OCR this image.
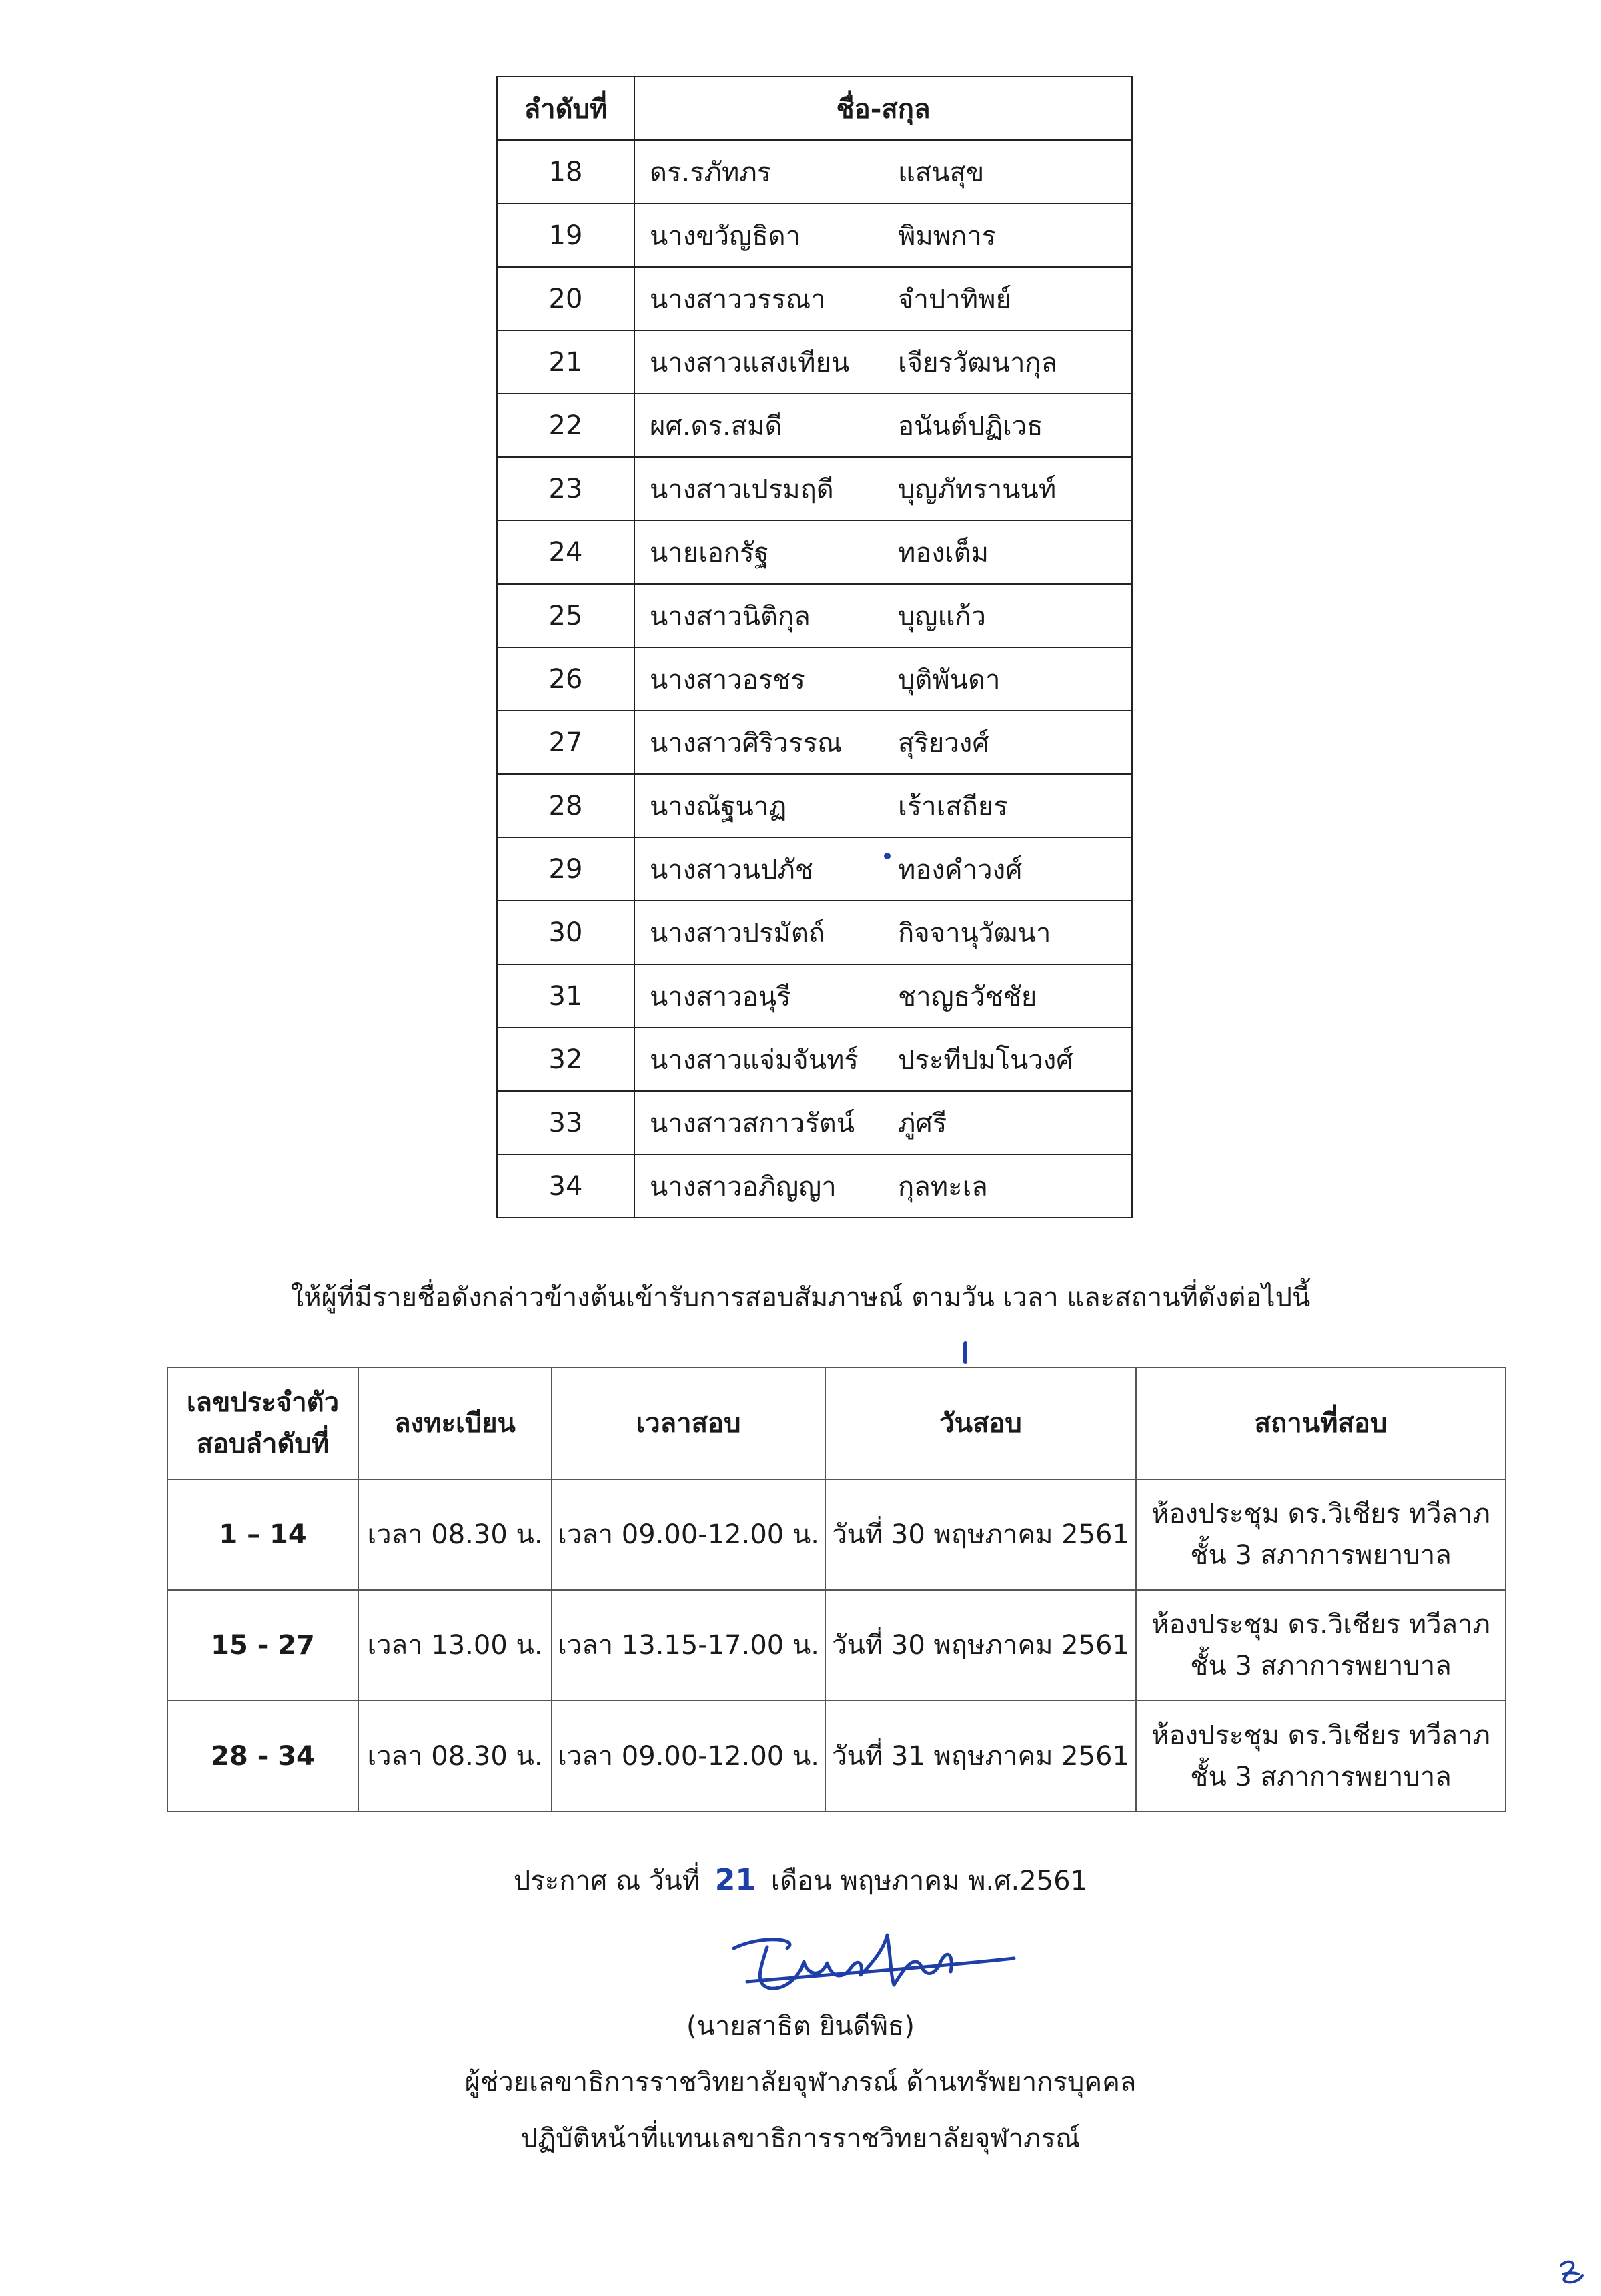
ลำดับที่	ชื่อ-สกุล
18	ดร.รภัทภร แสนสุข
19	นางขวัญธิดา พิมพการ
20	นางสาววรรณา จำปาทิพย์
21	นางสาวแสงเทียน เจียรวัฒนากุล
22	ผศ.ดร.สมดี อนันต์ปฏิเวธ
23	นางสาวเปรมฤดี บุญภัทรานนท์
24	นายเอกรัฐ ทองเต็ม
25	นางสาวนิติกุล บุญแก้ว
26	นางสาวอรชร บุติพันดา
27	นางสาวศิริวรรณ สุริยวงศ์
28	นางณัฐนาฏ เร้าเสถียร
29	นางสาวนปภัช ทองคำวงศ์
30	นางสาวปรมัตถ์ กิจจานุวัฒนา
31	นางสาวอนุรี ชาญธวัชชัย
32	นางสาวแจ่มจันทร์ ประทีปมโนวงศ์
33	นางสาวสกาวรัตน์ ภู่ศรี
34	นางสาวอภิญญา กุลทะเล
ให้ผู้ที่มีรายชื่อดังกล่าวข้างต้นเข้ารับการสอบสัมภาษณ์ ตามวัน เวลา และสถานที่ดังต่อไปนี้
เลขประจำตัว
สอบลำดับที่	ลงทะเบียน	เวลาสอบ	วันสอบ	สถานที่สอบ
1 – 14	เวลา 08.30 น.	เวลา 09.00-12.00 น.	วันที่ 30 พฤษภาคม 2561	ห้องประชุม ดร.วิเชียร ทวีลาภ
ชั้น 3 สภาการพยาบาล
15 - 27	เวลา 13.00 น.	เวลา 13.15-17.00 น.	วันที่ 30 พฤษภาคม 2561	ห้องประชุม ดร.วิเชียร ทวีลาภ
ชั้น 3 สภาการพยาบาล
28 - 34	เวลา 08.30 น.	เวลา 09.00-12.00 น.	วันที่ 31 พฤษภาคม 2561	ห้องประชุม ดร.วิเชียร ทวีลาภ
ชั้น 3 สภาการพยาบาล
ประกาศ ณ วันที่ 21 เดือน พฤษภาคม พ.ศ.2561
(นายสาธิต ยินดีพิธ)
ผู้ช่วยเลขาธิการราชวิทยาลัยจุฬาภรณ์ ด้านทรัพยากรบุคคล
ปฏิบัติหน้าที่แทนเลขาธิการราชวิทยาลัยจุฬาภรณ์
